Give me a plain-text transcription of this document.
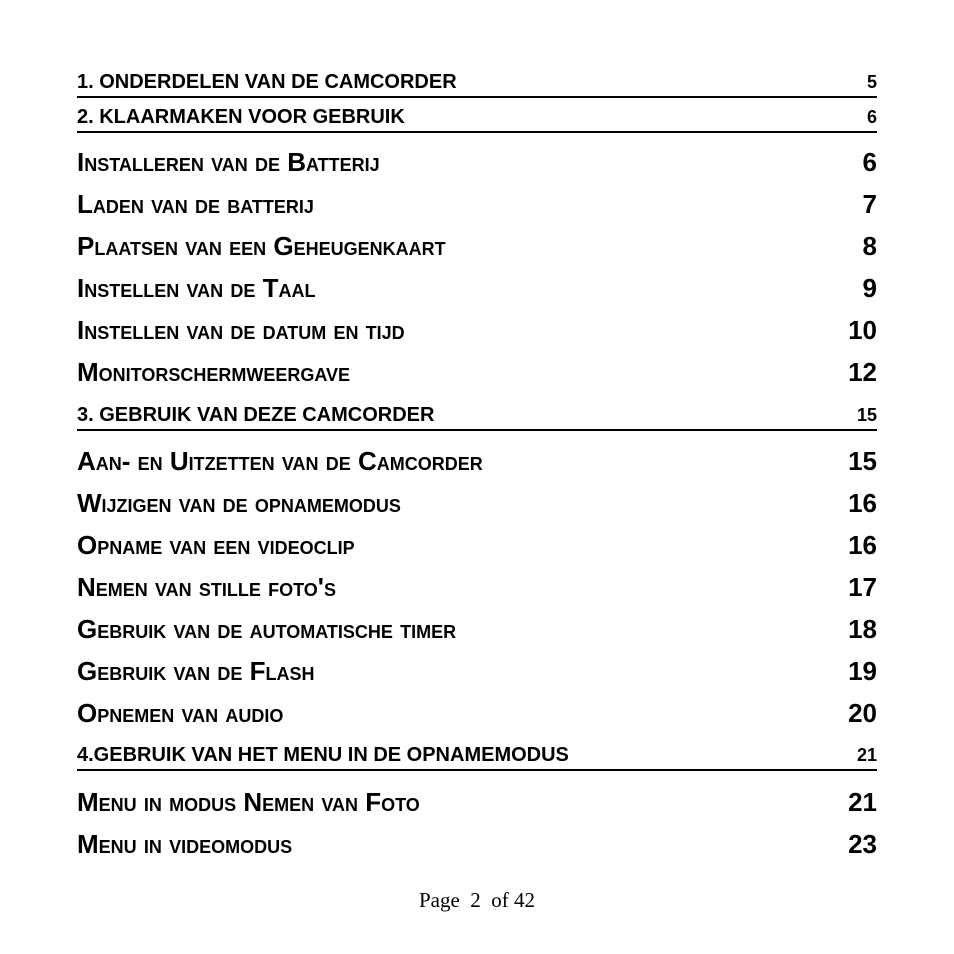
1. ONDERDELEN VAN DE CAMCORDER	5
2. KLAARMAKEN VOOR GEBRUIK	6
Installeren van de Batterij	6
Laden van de batterij	7
Plaatsen van een Geheugenkaart	8
Instellen van de Taal	9
Instellen van de datum en tijd	10
Monitorschermweergave	12
3. GEBRUIK VAN DEZE CAMCORDER	15
Aan- en Uitzetten van de Camcorder	15
Wijzigen van de opnamemodus	16
Opname van een videoclip	16
Nemen van stille foto's	17
Gebruik van de automatische timer	18
Gebruik van de Flash	19
Opnemen van audio	20
4.GEBRUIK VAN HET MENU IN DE OPNAMEMODUS	21
Menu in modus Nemen van Foto	21
Menu in videomodus	23
Page 2 of 42
